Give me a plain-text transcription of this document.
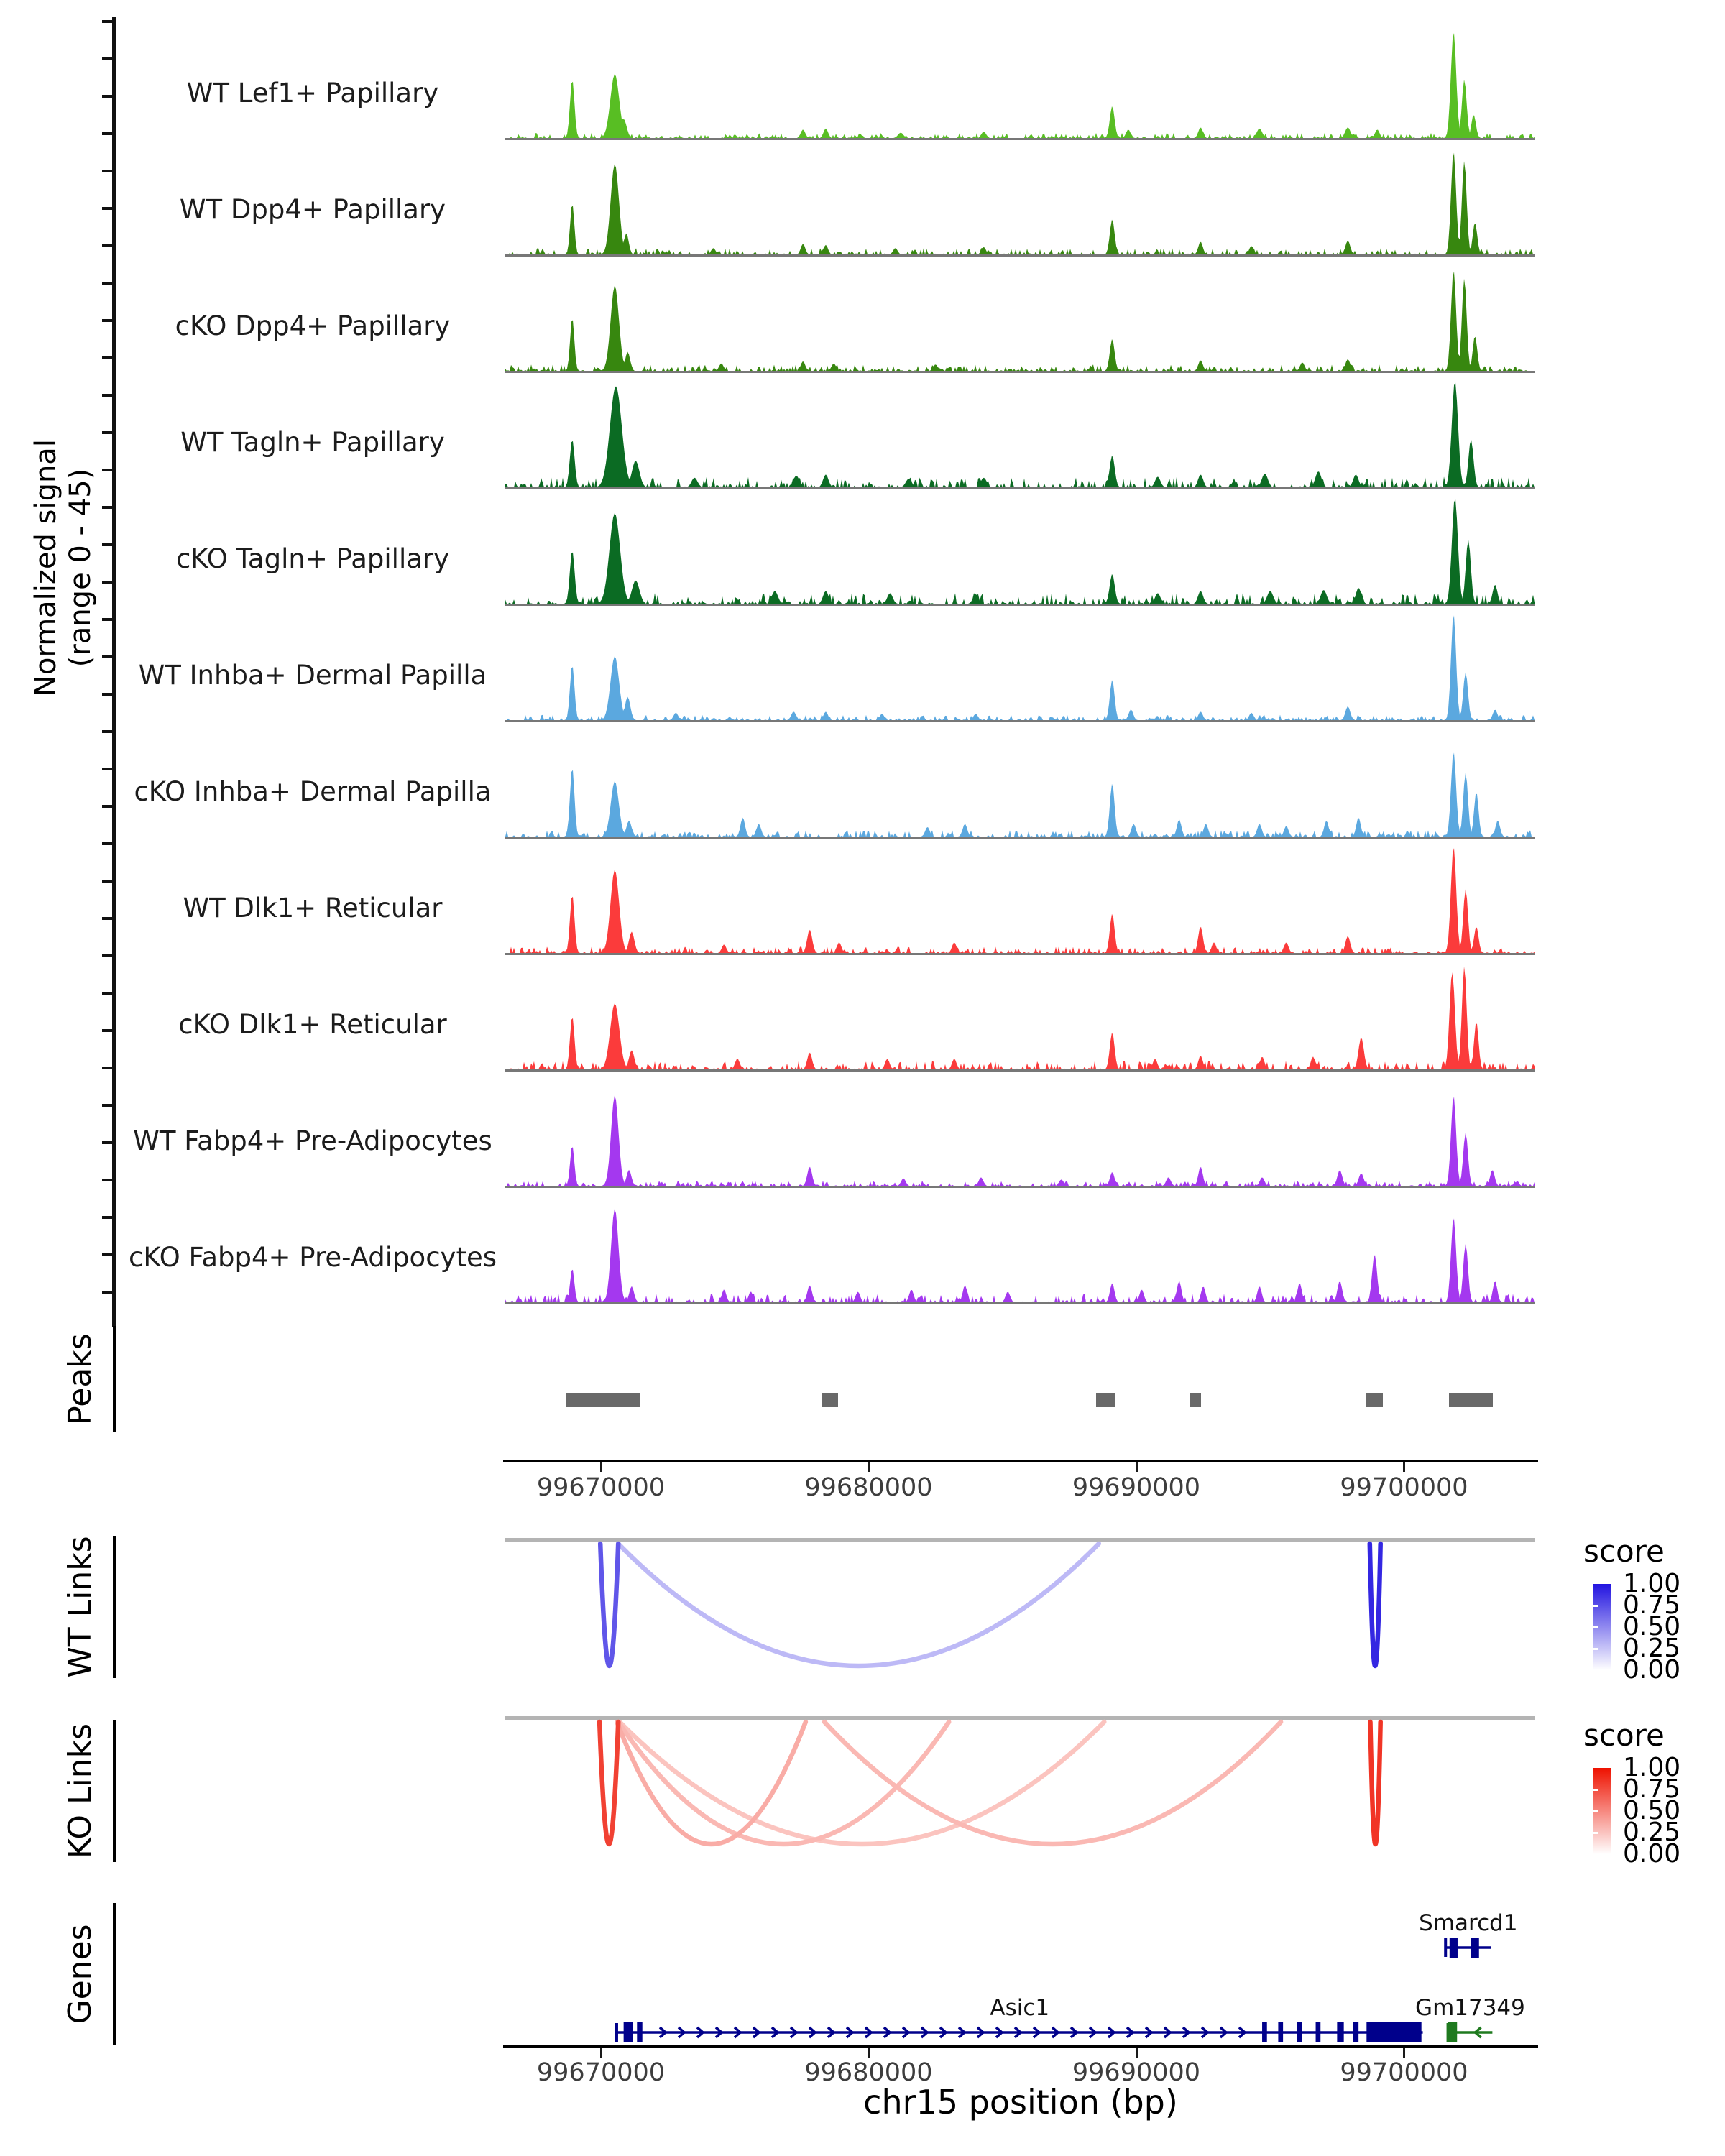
Normalized signal (range 0 - 45)
WT Lef1+ Papillary
WT Dpp4+ Papillary
cKO Dpp4+ Papillary
WT Tagln+ Papillary
cKO Tagln+ Papillary
WT Inhba+ Dermal Papilla
cKO Inhba+ Dermal Papilla
WT Dlk1+ Reticular
cKO Dlk1+ Reticular
WT Fabp4+ Pre-Adipocytes
cKO Fabp4+ Pre-Adipocytes
Peaks
99670000	99680000	99690000	99700000
WT Links	score
1.00
0.75
0.50
0.25
0.00
KO Links	score
1.00
0.75
0.50
0.25
0.00
Genes
Smarcd1
Asic1	Gm17349
99670000	99680000	99690000	99700000
chr15 position (bp)
